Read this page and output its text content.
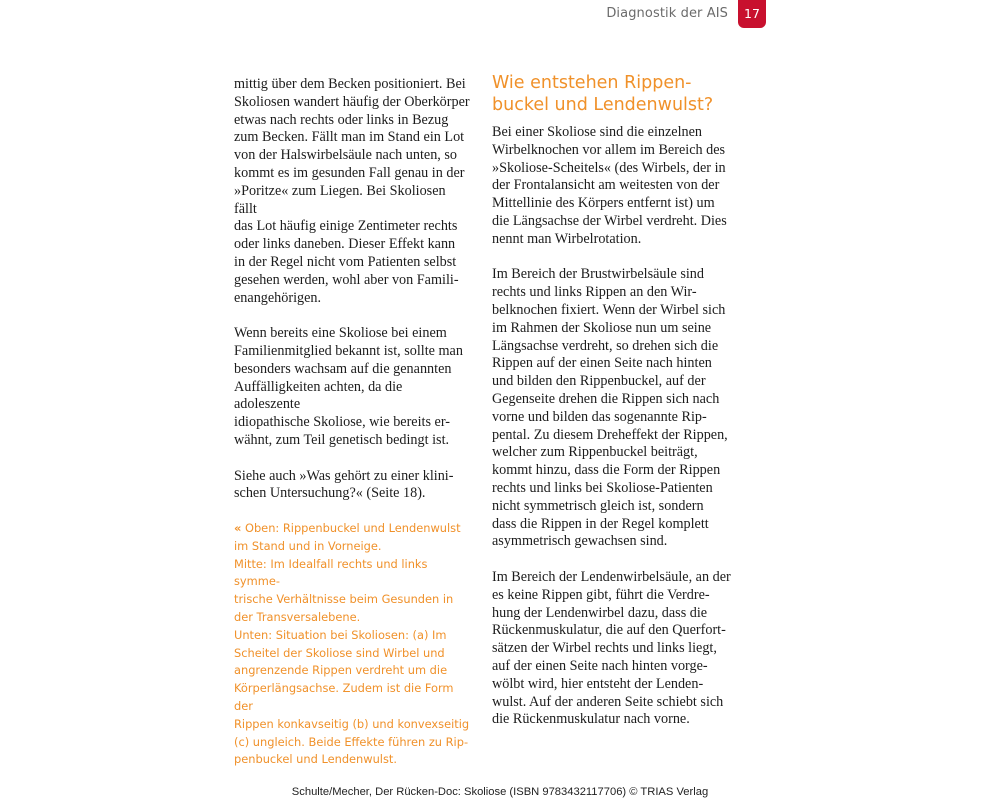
Diagnostik der AIS	17

mittig über dem Becken positioniert. Bei
Skoliosen wandert häufig der Oberkörper
etwas nach rechts oder links in Bezug
zum Becken. Fällt man im Stand ein Lot
von der Halswirbelsäule nach unten, so
kommt es im gesunden Fall genau in der
»Poritze« zum Liegen. Bei Skoliosen fällt
das Lot häufig einige Zentimeter rechts
oder links daneben. Dieser Effekt kann
in der Regel nicht vom Patienten selbst
gesehen werden, wohl aber von Famili-
enangehörigen.

Wenn bereits eine Skoliose bei einem
Familienmitglied bekannt ist, sollte man
besonders wachsam auf die genannten
Auffälligkeiten achten, da die adoleszente
idiopathische Skoliose, wie bereits er-
wähnt, zum Teil genetisch bedingt ist.

Siehe auch »Was gehört zu einer klini-
schen Untersuchung?« (Seite 18).

« Oben: Rippenbuckel und Lendenwulst
im Stand und in Vorneige.
Mitte: Im Idealfall rechts und links symme-
trische Verhältnisse beim Gesunden in
der Transversalebene.
Unten: Situation bei Skoliosen: (a) Im
Scheitel der Skoliose sind Wirbel und
angrenzende Rippen verdreht um die
Körperlängsachse. Zudem ist die Form der
Rippen konkavseitig (b) und konvexseitig
(c) ungleich. Beide Effekte führen zu Rip-
penbuckel und Lendenwulst.

Wie entstehen Rippen-
buckel und Lendenwulst?

Bei einer Skoliose sind die einzelnen
Wirbelknochen vor allem im Bereich des
»Skoliose-Scheitels« (des Wirbels, der in
der Frontalansicht am weitesten von der
Mittellinie des Körpers entfernt ist) um
die Längsachse der Wirbel verdreht. Dies
nennt man Wirbelrotation.

Im Bereich der Brustwirbelsäule sind
rechts und links Rippen an den Wir-
belknochen fixiert. Wenn der Wirbel sich
im Rahmen der Skoliose nun um seine
Längsachse verdreht, so drehen sich die
Rippen auf der einen Seite nach hinten
und bilden den Rippenbuckel, auf der
Gegenseite drehen die Rippen sich nach
vorne und bilden das sogenannte Rip-
pental. Zu diesem Dreheffekt der Rippen,
welcher zum Rippenbuckel beiträgt,
kommt hinzu, dass die Form der Rippen
rechts und links bei Skoliose-Patienten
nicht symmetrisch gleich ist, sondern
dass die Rippen in der Regel komplett
asymmetrisch gewachsen sind.

Im Bereich der Lendenwirbelsäule, an der
es keine Rippen gibt, führt die Verdre-
hung der Lendenwirbel dazu, dass die
Rückenmuskulatur, die auf den Querfort-
sätzen der Wirbel rechts und links liegt,
auf der einen Seite nach hinten vorge-
wölbt wird, hier entsteht der Lenden-
wulst. Auf der anderen Seite schiebt sich
die Rückenmuskulatur nach vorne.

Schulte/Mecher, Der Rücken-Doc: Skoliose (ISBN 9783432117706) © TRIAS Verlag
